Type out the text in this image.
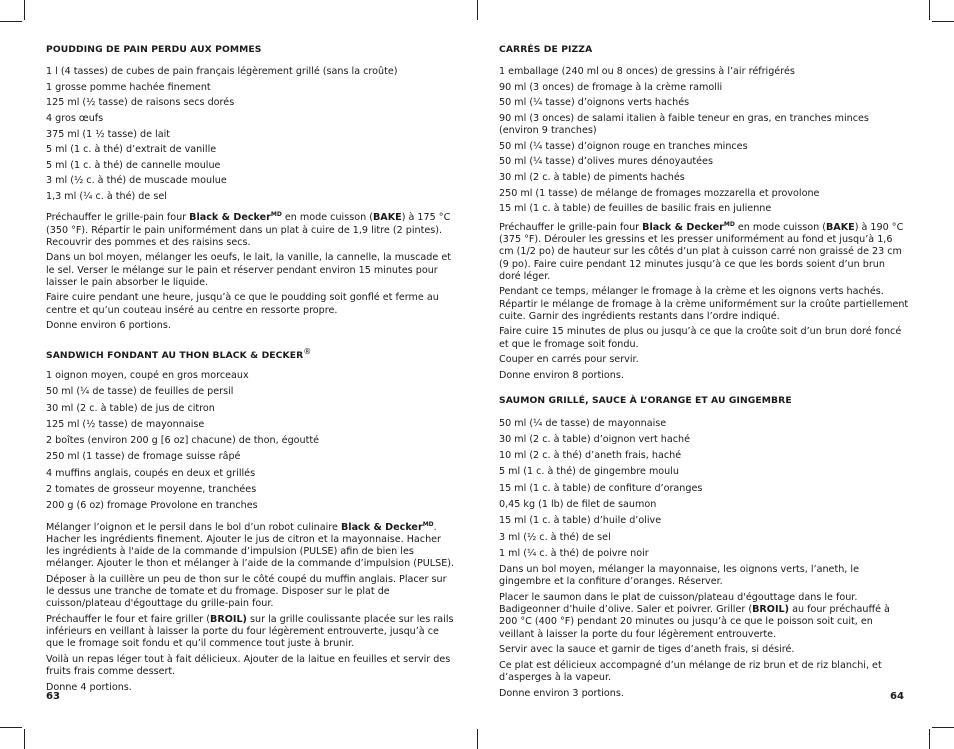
POUDDING DE PAIN PERDU AUX POMMES
1 l (4 tasses) de cubes de pain français légèrement grillé (sans la croûte)
1 grosse pomme hachée finement
125 ml (½ tasse) de raisons secs dorés
4 gros œufs
375 ml (1 ½ tasse) de lait
5 ml (1 c. à thé) d’extrait de vanille
5 ml (1 c. à thé) de cannelle moulue
3 ml (½ c. à thé) de muscade moulue
1,3 ml (¼ c. à thé) de sel

Préchauffer le grille-pain four Black & Decker$^{MD}$ en mode cuisson (BAKE) à 175 °C (350 °F). Répartir le pain uniformément dans un plat à cuire de 1,9 litre (2 pintes). Recouvrir des pommes et des raisins secs.

Dans un bol moyen, mélanger les oeufs, le lait, la vanille, la cannelle, la muscade et le sel. Verser le mélange sur le pain et réserver pendant environ 15 minutes pour laisser le pain absorber le liquide.

Faire cuire pendant une heure, jusqu’à ce que le poudding soit gonflé et ferme au centre et qu’un couteau inséré au centre en ressorte propre.

Donne environ 6 portions.

SANDWICH FONDANT AU THON BLACK & DECKER®
1 oignon moyen, coupé en gros morceaux
50 ml (¼ de tasse) de feuilles de persil
30 ml (2 c. à table) de jus de citron
125 ml (½ tasse) de mayonnaise
2 boîtes (environ 200 g [6 oz] chacune) de thon, égoutté
250 ml (1 tasse) de fromage suisse râpé
4 muffins anglais, coupés en deux et grillés
2 tomates de grosseur moyenne, tranchées
200 g (6 oz) fromage Provolone en tranches

Mélanger l’oignon et le persil dans le bol d’un robot culinaire Black & Decker$^{MD}$. Hacher les ingrédients finement. Ajouter le jus de citron et la mayonnaise. Hacher les ingrédients à l'aide de la commande d’impulsion (PULSE) afin de bien les mélanger. Ajouter le thon et mélanger à l’aide de la commande d’impulsion (PULSE).

Déposer à la cuillère un peu de thon sur le côté coupé du muffin anglais. Placer sur le dessus une tranche de tomate et du fromage. Disposer sur le plat de cuisson/plateau d'égouttage du grille-pain four.

Préchauffer le four et faire griller (BROIL) sur la grille coulissante placée sur les rails inférieurs en veillant à laisser la porte du four légèrement entrouverte, jusqu’à ce que le fromage soit fondu et qu’il commence tout juste à brunir.

Voilà un repas léger tout à fait délicieux. Ajouter de la laitue en feuilles et servir des fruits frais comme dessert.

Donne 4 portions.

63
CARRÉS DE PIZZA
1 emballage (240 ml ou 8 onces) de gressins à l’air réfrigérés
90 ml (3 onces) de fromage à la crème ramolli
50 ml (¼ tasse) d’oignons verts hachés
90 ml (3 onces) de salami italien à faible teneur en gras, en tranches minces (environ 9 tranches)
50 ml (¼ tasse) d’oignon rouge en tranches minces
50 ml (¼ tasse) d’olives mures dénoyautées
30 ml (2 c. à table) de piments hachés
250 ml (1 tasse) de mélange de fromages mozzarella et provolone
15 ml (1 c. à table) de feuilles de basilic frais en julienne

Préchauffer le grille-pain four Black & Decker$^{MD}$ en mode cuisson (BAKE) à 190 °C (375 °F). Dérouler les gressins et les presser uniformément au fond et jusqu’à 1,6 cm (1/2 po) de hauteur sur les côtés d’un plat à cuisson carré non graissé de 23 cm (9 po). Faire cuire pendant 12 minutes jusqu’à ce que les bords soient d’un brun doré léger.

Pendant ce temps, mélanger le fromage à la crème et les oignons verts hachés. Répartir le mélange de fromage à la crème uniformément sur la croûte partiellement cuite. Garnir des ingrédients restants dans l’ordre indiqué.

Faire cuire 15 minutes de plus ou jusqu’à ce que la croûte soit d’un brun doré foncé et que le fromage soit fondu.

Couper en carrés pour servir.

Donne environ 8 portions.

SAUMON GRILLÉ, SAUCE À L’ORANGE ET AU GINGEMBRE
50 ml (¼ de tasse) de mayonnaise
30 ml (2 c. à table) d’oignon vert haché
10 ml (2 c. à thé) d’aneth frais, haché
5 ml (1 c. à thé) de gingembre moulu
15 ml (1 c. à table) de confiture d’oranges
0,45 kg (1 lb) de filet de saumon
15 ml (1 c. à table) d’huile d’olive
3 ml (½ c. à thé) de sel
1 ml (¼ c. à thé) de poivre noir

Dans un bol moyen, mélanger la mayonnaise, les oignons verts, l’aneth, le gingembre et la confiture d’oranges. Réserver.

Placer le saumon dans le plat de cuisson/plateau d'égouttage dans le four. Badigeonner d’huile d’olive. Saler et poivrer. Griller (BROIL) au four préchauffé à 200 °C (400 °F) pendant 20 minutes ou jusqu’à ce que le poisson soit cuit, en veillant à laisser la porte du four légèrement entrouverte.

Servir avec la sauce et garnir de tiges d’aneth frais, si désiré.

Ce plat est délicieux accompagné d’un mélange de riz brun et de riz blanchi, et d’asperges à la vapeur.

Donne environ 3 portions.	64
